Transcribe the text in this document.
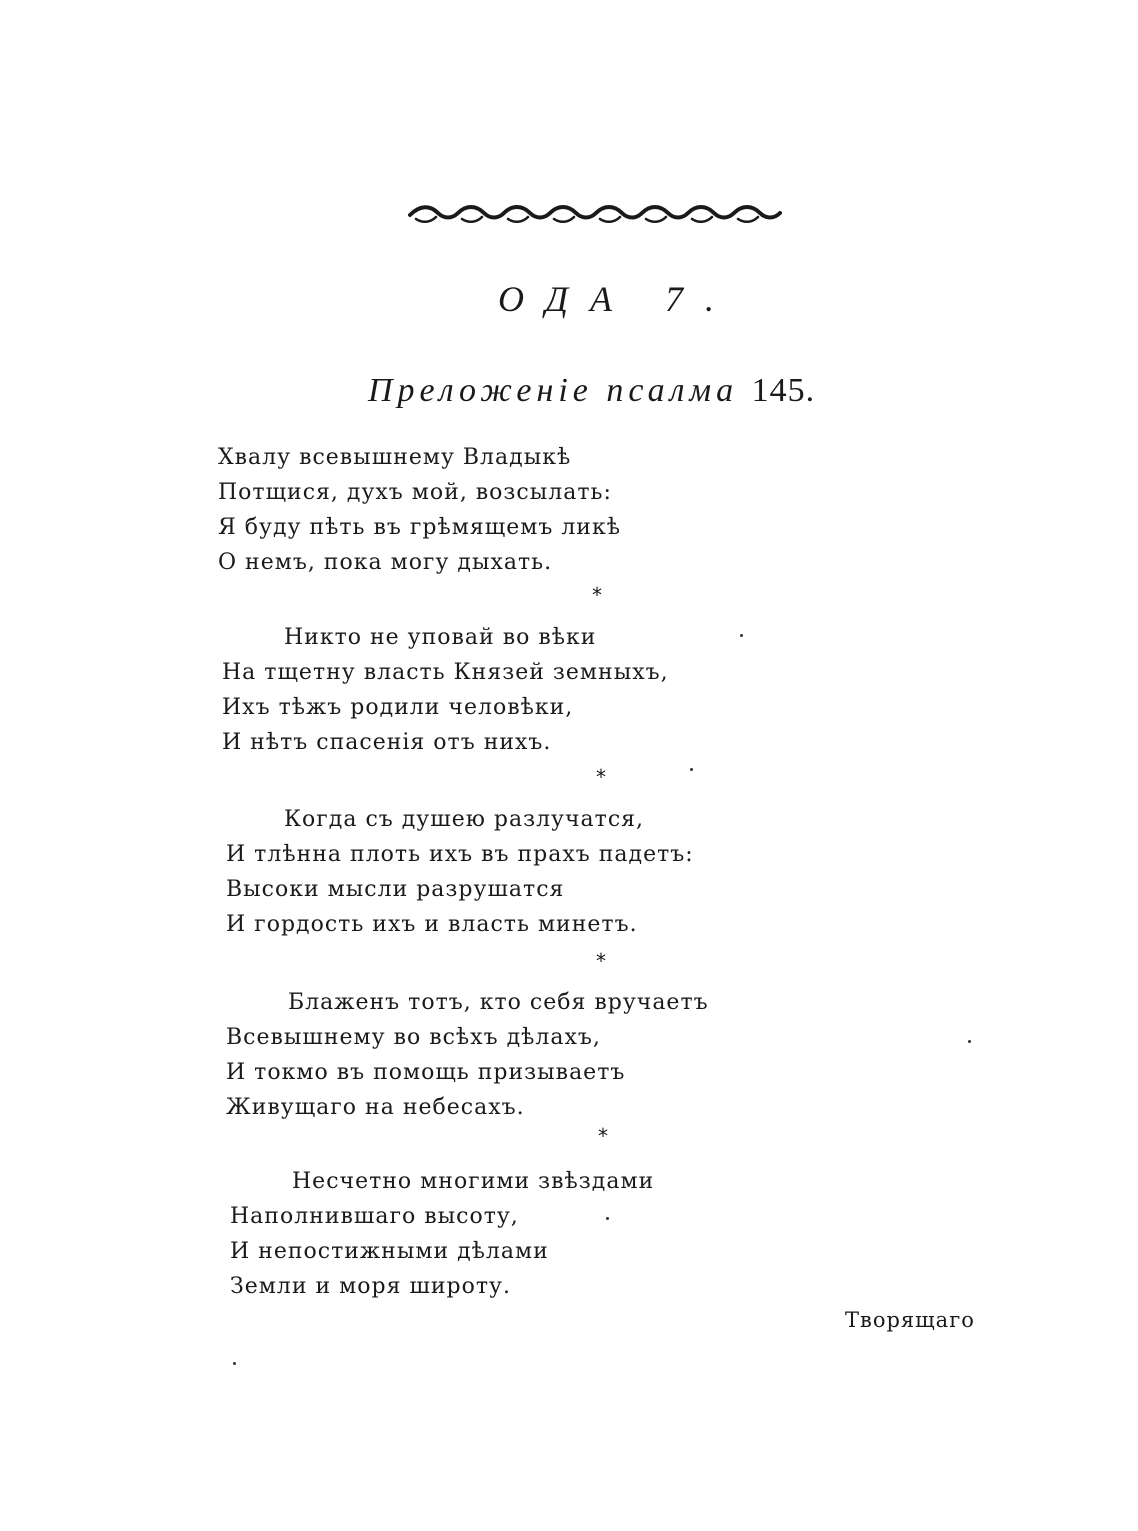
ОДА 7.
Преложенiе псалма 145.
Хвалу всевышнему Владыкѣ
Потщися, духъ мой, возсылать:
Я буду пѣть въ грѣмящемъ ликѣ
О немъ, пока могу дыхать.
*
Никто не уповай во вѣки
На тщетну власть Князей земныхъ,
Ихъ тѣжъ родили человѣки,
И нѣтъ спасенiя отъ нихъ.
*
Когда съ душею разлучатся,
И тлѣнна плоть ихъ въ прахъ падетъ:
Высоки мысли разрушатся
И гордость ихъ и власть минетъ.
*
Блаженъ тотъ, кто себя вручаетъ
Всевышнему во всѣхъ дѣлахъ,
И токмо въ помощь призываетъ
Живущаго на небесахъ.
*
Несчетно многими звѣздами
Наполнившаго высоту,
И непостижными дѣлами
Земли и моря широту.
Творящаго
